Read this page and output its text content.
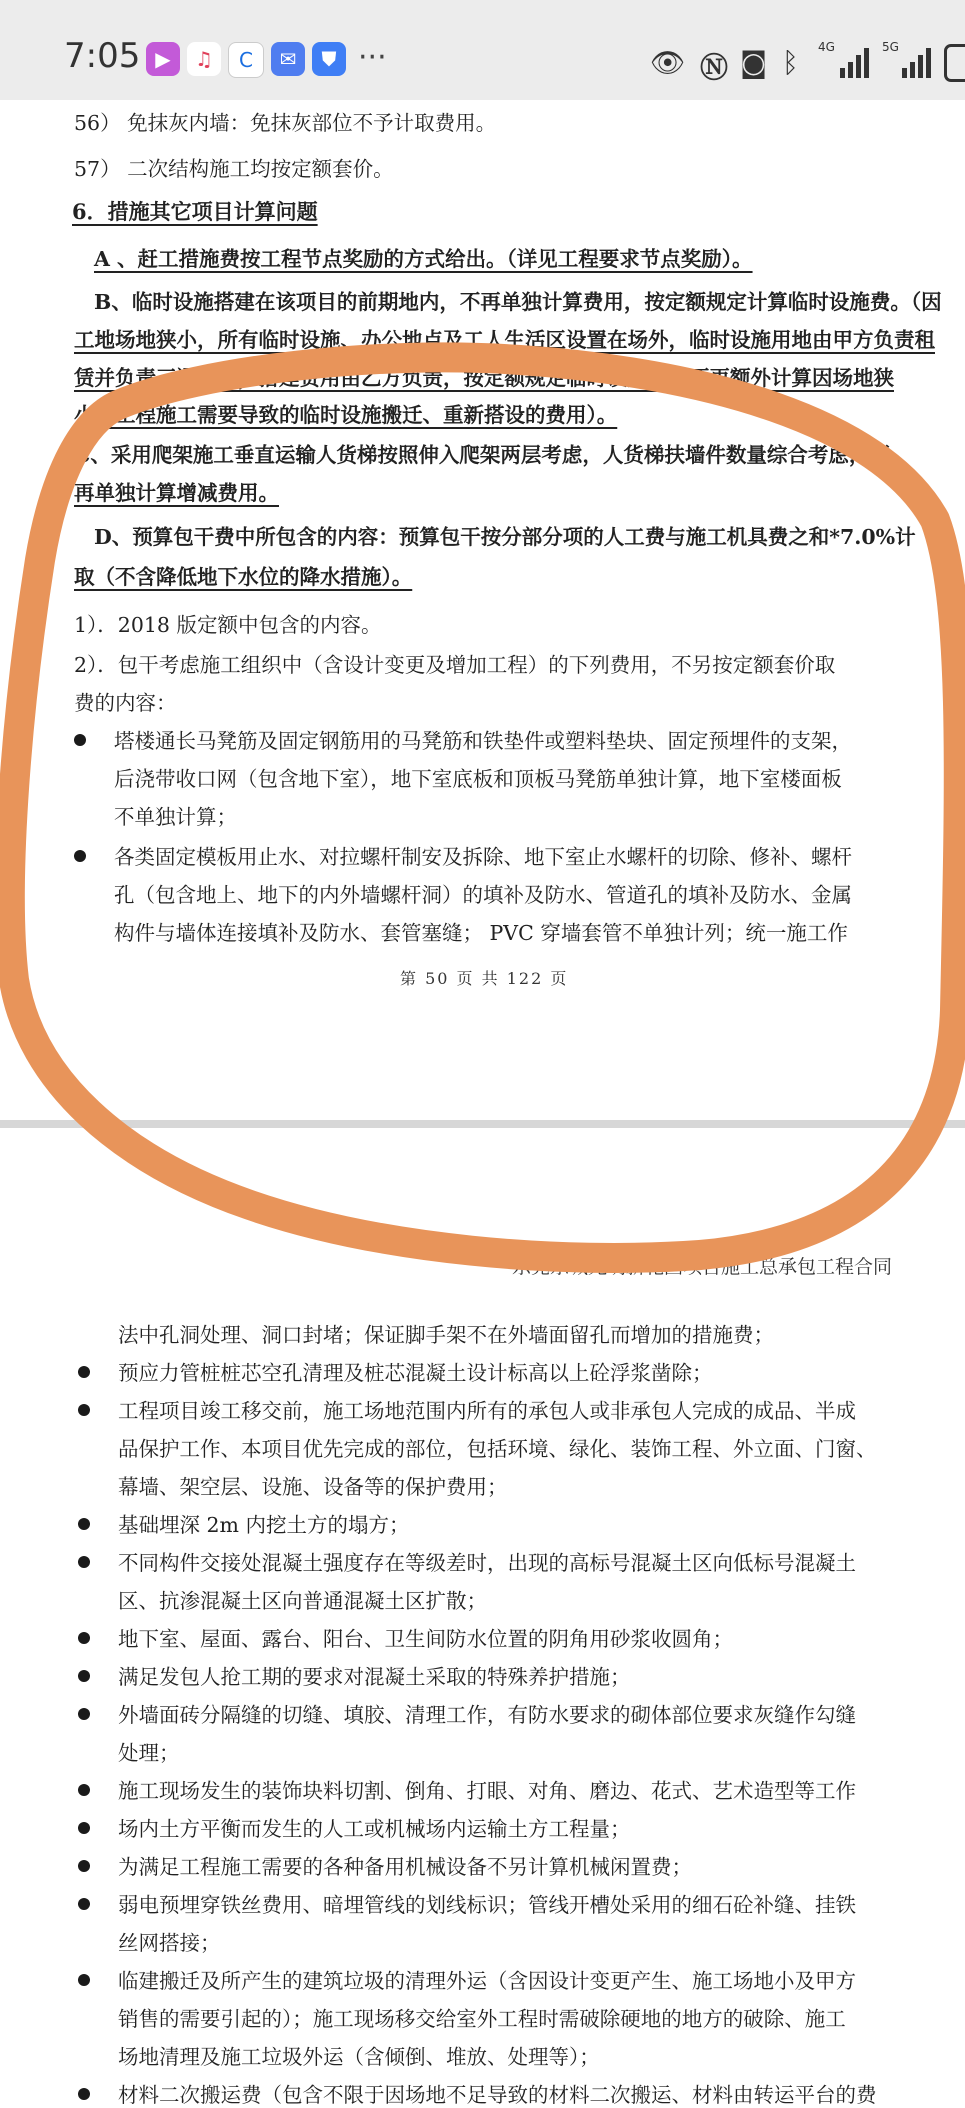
7:05 ▶	♫	C	✉	⛊ ···	👁 Ⓝ ◙ ᛒ 4G	5G
56） 免抹灰内墙：免抹灰部位不予计取费用。
57） 二次结构施工均按定额套价。
6．措施其它项目计算问题
A 、赶工措施费按工程节点奖励的方式给出。（详见工程要求节点奖励）。
B、临时设施搭建在该项目的前期地内，不再单独计算费用，按定额规定计算临时设施费。（因
工地场地狭小，所有临时设施、办公地点及工人生活区设置在场外，临时设施用地由甲方负责租
赁并负责三通一平，搭建费用由乙方负责，按定额规定临时设施费，不再额外计算因场地狭
小、工程施工需要导致的临时设施搬迁、重新搭设的费用）。
C、采用爬架施工垂直运输人货梯按照伸入爬架两层考虑，人货梯扶墙件数量综合考虑，不
再单独计算增减费用。
D、预算包干费中所包含的内容：预算包干按分部分项的人工费与施工机具费之和*7.0%计
取（不含降低地下水位的降水措施）。
1）．2018 版定额中包含的内容。
2）．包干考虑施工组织中（含设计变更及增加工程）的下列费用，不另按定额套价取
费的内容：
塔楼通长马凳筋及固定钢筋用的马凳筋和铁垫件或塑料垫块、固定预埋件的支架，
后浇带收口网（包含地下室），地下室底板和顶板马凳筋单独计算，地下室楼面板
不单独计算；
各类固定模板用止水、对拉螺杆制安及拆除、地下室止水螺杆的切除、修补、螺杆
孔（包含地上、地下的内外墙螺杆洞）的填补及防水、管道孔的填补及防水、金属
构件与墙体连接填补及防水、套管塞缝； PVC 穿墙套管不单独计列；统一施工作
第 50 页 共 122 页
东莞东城光明新花园项目施工总承包工程合同
法中孔洞处理、洞口封堵；保证脚手架不在外墙面留孔而增加的措施费；
预应力管桩桩芯空孔清理及桩芯混凝土设计标高以上砼浮浆凿除；
工程项目竣工移交前，施工场地范围内所有的承包人或非承包人完成的成品、半成
品保护工作、本项目优先完成的部位，包括环境、绿化、装饰工程、外立面、门窗、
幕墙、架空层、设施、设备等的保护费用；
基础埋深 2m 内挖土方的塌方；
不同构件交接处混凝土强度存在等级差时，出现的高标号混凝土区向低标号混凝土
区、抗渗混凝土区向普通混凝土区扩散；
地下室、屋面、露台、阳台、卫生间防水位置的阴角用砂浆收圆角；
满足发包人抢工期的要求对混凝土采取的特殊养护措施；
外墙面砖分隔缝的切缝、填胶、清理工作，有防水要求的砌体部位要求灰缝作勾缝
处理；
施工现场发生的装饰块料切割、倒角、打眼、对角、磨边、花式、艺术造型等工作
场内土方平衡而发生的人工或机械场内运输土方工程量；
为满足工程施工需要的各种备用机械设备不另计算机械闲置费；
弱电预埋穿铁丝费用、暗埋管线的划线标识；管线开槽处采用的细石砼补缝、挂铁
丝网搭接；
临建搬迁及所产生的建筑垃圾的清理外运（含因设计变更产生、施工场地小及甲方
销售的需要引起的）；施工现场移交给室外工程时需破除硬地的地方的破除、施工
场地清理及施工垃圾外运（含倾倒、堆放、处理等）；
材料二次搬运费（包含不限于因场地不足导致的材料二次搬运、材料由转运平台的费
